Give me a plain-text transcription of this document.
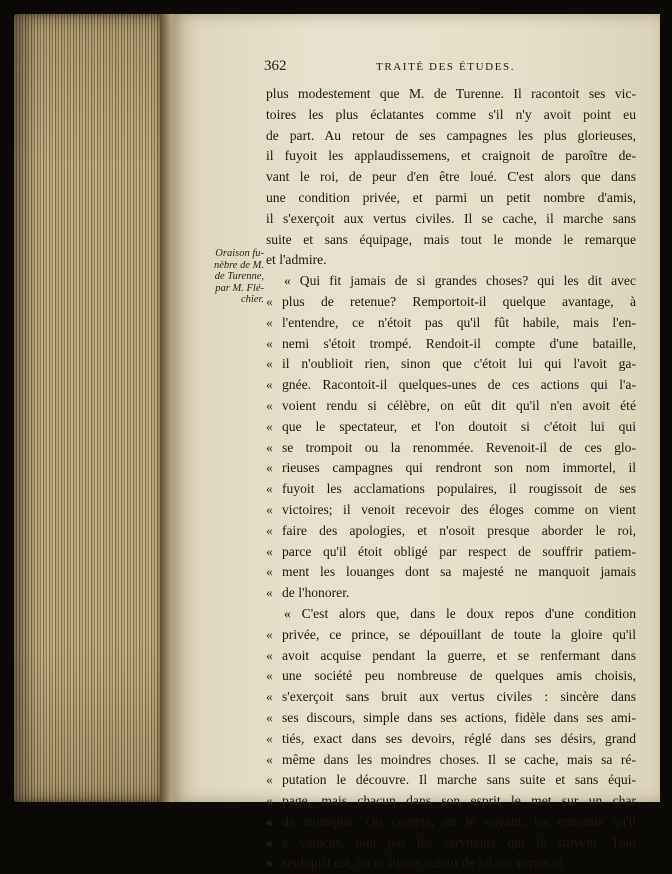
362	TRAITÉ DES ÉTUDES.
Oraison fu-
nèbre de M.
de Turenne,
par M. Flé-
chier.
plus modestement que M. de Turenne. Il racontoit ses vic-
toires les plus éclatantes comme s'il n'y avoit point eu
de part. Au retour de ses campagnes les plus glorieuses,
il fuyoit les applaudissemens, et craignoit de paroître de-
vant le roi, de peur d'en être loué. C'est alors que dans
une condition privée, et parmi un petit nombre d'amis,
il s'exerçoit aux vertus civiles. Il se cache, il marche sans
suite et sans équipage, mais tout le monde le remarque
et l'admire.
« Qui fit jamais de si grandes choses? qui les dit avec
« plus de retenue? Remportoit-il quelque avantage, à
« l'entendre, ce n'étoit pas qu'il fût habile, mais l'en-
« nemi s'étoit trompé. Rendoit-il compte d'une bataille,
« il n'oublioit rien, sinon que c'étoit lui qui l'avoit ga-
« gnée. Racontoit-il quelques-unes de ces actions qui l'a-
« voient rendu si célèbre, on eût dit qu'il n'en avoit été
« que le spectateur, et l'on doutoit si c'étoit lui qui
« se trompoit ou la renommée. Revenoit-il de ces glo-
« rieuses campagnes qui rendront son nom immortel, il
« fuyoit les acclamations populaires, il rougissoit de ses
« victoires; il venoit recevoir des éloges comme on vient
« faire des apologies, et n'osoit presque aborder le roi,
« parce qu'il étoit obligé par respect de souffrir patiem-
« ment les louanges dont sa majesté ne manquoit jamais
« de l'honorer.
« C'est alors que, dans le doux repos d'une condition
« privée, ce prince, se dépouillant de toute la gloire qu'il
« avoit acquise pendant la guerre, et se renfermant dans
« une société peu nombreuse de quelques amis choisis,
« s'exerçoit sans bruit aux vertus civiles : sincère dans
« ses discours, simple dans ses actions, fidèle dans ses ami-
« tiés, exact dans ses devoirs, réglé dans ses désirs, grand
« même dans les moindres choses. Il se cache, mais sa ré-
« putation le découvre. Il marche sans suite et sans équi-
« page, mais chacun dans son esprit le met sur un char
« de triomphe. On compte, en le voyant, les ennemis qu'il
« a vaincus, non pas les serviteurs qui le suivent. Tout
« seul qu'il est, on se figure autour de lui ses vertus et
